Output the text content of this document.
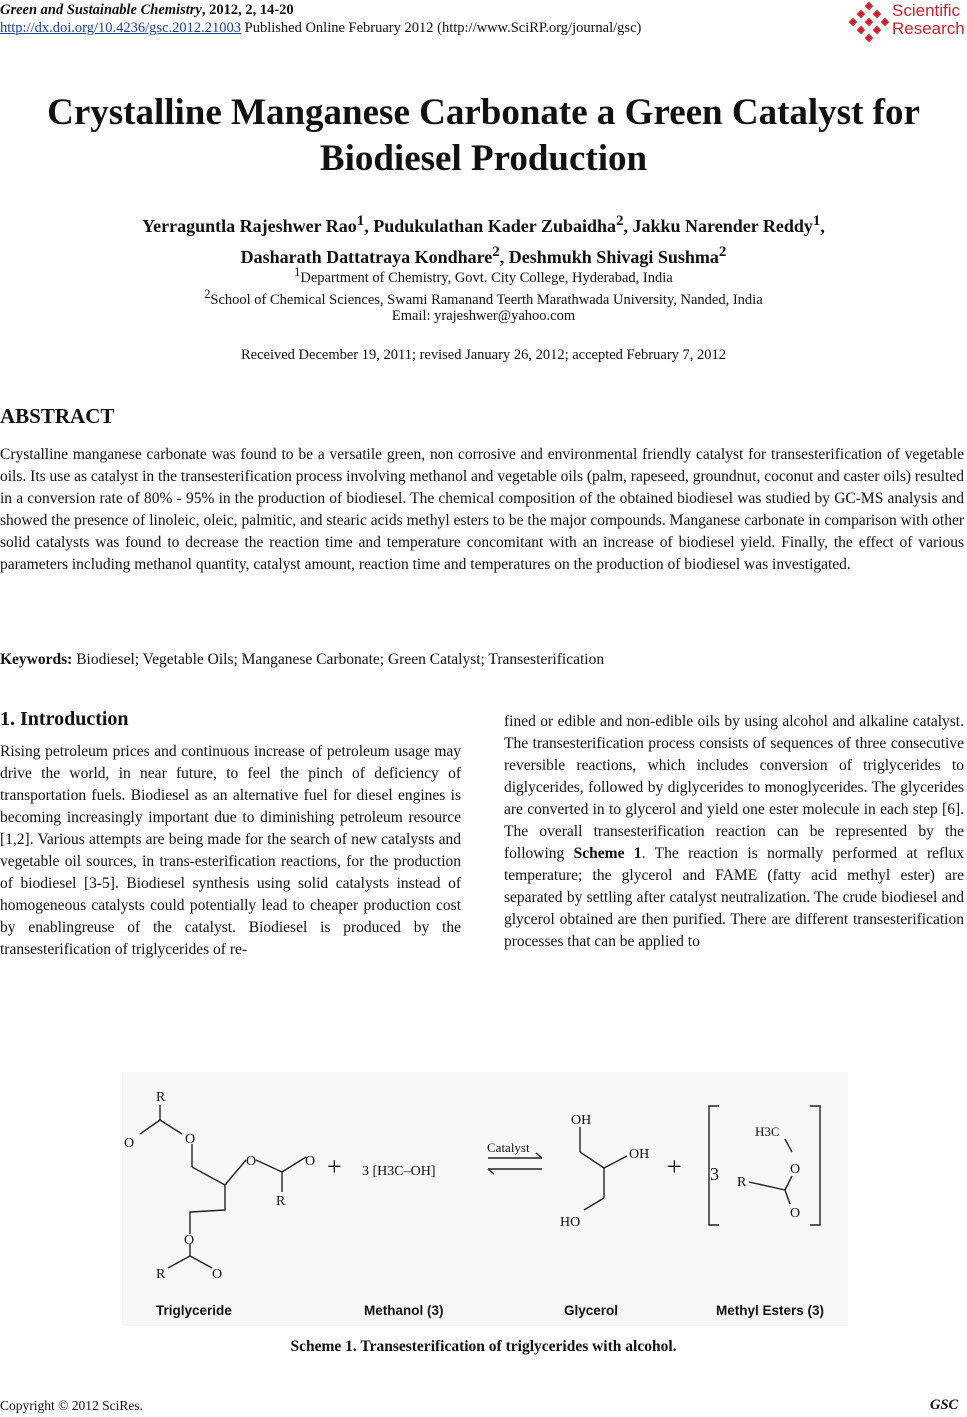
Green and Sustainable Chemistry, 2012, 2, 14-20
http://dx.doi.org/10.4236/gsc.2012.21003 Published Online February 2012 (http://www.SciRP.org/journal/gsc)
Scientific
Research
Crystalline Manganese Carbonate a Green Catalyst for
Biodiesel Production
Yerraguntla Rajeshwer Rao$^1$, Pudukulathan Kader Zubaidha$^2$, Jakku Narender Reddy$^1$,
Dasharath Dattatraya Kondhare$^2$, Deshmukh Shivagi Sushma$^2$
$^1$Department of Chemistry, Govt. City College, Hyderabad, India
$^2$School of Chemical Sciences, Swami Ramanand Teerth Marathwada University, Nanded, India
Email: yrajeshwer@yahoo.com
Received December 19, 2011; revised January 26, 2012; accepted February 7, 2012
ABSTRACT
Crystalline manganese carbonate was found to be a versatile green, non corrosive and environmental friendly catalyst for transesterification of vegetable oils. Its use as catalyst in the transesterification process involving methanol and vegetable oils (palm, rapeseed, groundnut, coconut and caster oils) resulted in a conversion rate of 80% - 95% in the production of biodiesel. The chemical composition of the obtained biodiesel was studied by GC-MS analysis and showed the presence of linoleic, oleic, palmitic, and stearic acids methyl esters to be the major compounds. Manganese carbonate in comparison with other solid catalysts was found to decrease the reaction time and temperature concomitant with an increase of biodiesel yield. Finally, the effect of various parameters including methanol quantity, catalyst amount, reaction time and temperatures on the production of biodiesel was investigated.
Keywords: Biodiesel; Vegetable Oils; Manganese Carbonate; Green Catalyst; Transesterification
1. Introduction
Rising petroleum prices and continuous increase of petroleum usage may drive the world, in near future, to feel the pinch of deficiency of transportation fuels. Biodiesel as an alternative fuel for diesel engines is becoming increasingly important due to diminishing petroleum resource [1,2]. Various attempts are being made for the search of new catalysts and vegetable oil sources, in trans-esterification reactions, for the production of biodiesel [3-5]. Biodiesel synthesis using solid catalysts instead of homogeneous catalysts could potentially lead to cheaper production cost by enablingreuse of the catalyst. Biodiesel is produced by the transesterification of triglycerides of re-
fined or edible and non-edible oils by using alcohol and alkaline catalyst. The transesterification process consists of sequences of three consecutive reversible reactions, which includes conversion of triglycerides to diglycerides, followed by diglycerides to monoglycerides. The glycerides are converted in to glycerol and yield one ester molecule in each step [6]. The overall transesterification reaction can be represented by the following Scheme 1. The reaction is normally performed at reflux temperature; the glycerol and FAME (fatty acid methyl ester) are separated by settling after catalyst neutralization. The crude biodiesel and glycerol obtained are then purified. There are different transesterification processes that can be applied to
R
O	O
O	O
R
O
R	O
+	+
3 [H3C–OH]
Catalyst
OH
OH
HO
3
H3C
O
R
O
Triglyceride	Methanol (3)	Glycerol	Methyl Esters (3)
Scheme 1. Transesterification of triglycerides with alcohol.
Copyright © 2012 SciRes.	GSC
